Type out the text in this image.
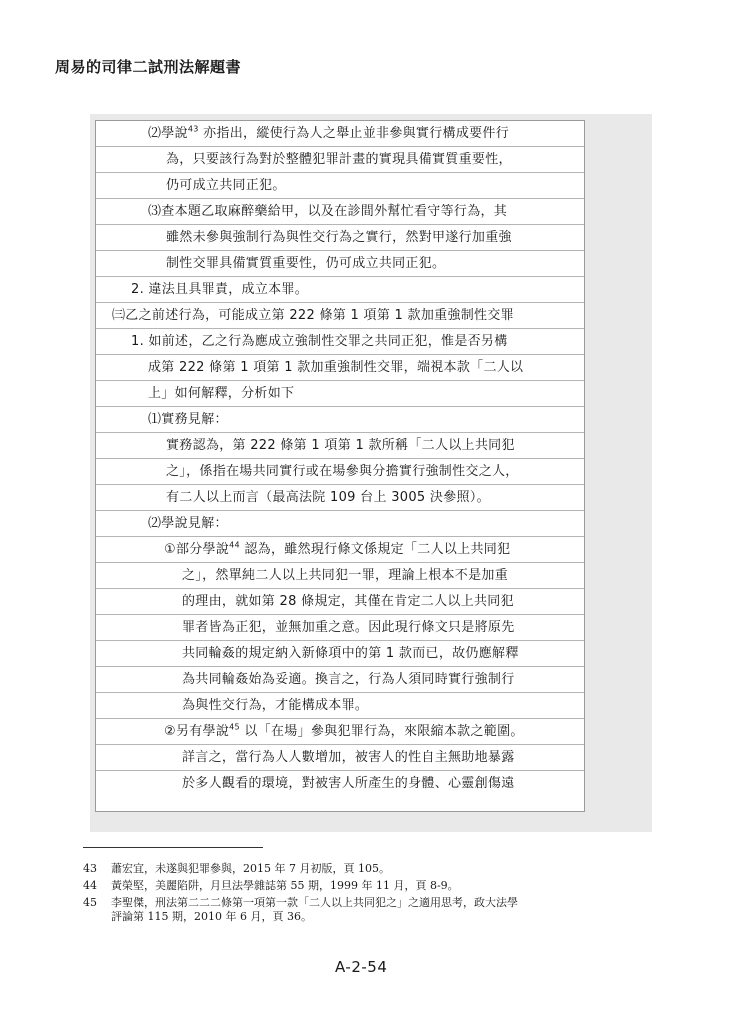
周易的司律二試刑法解題書
⑵學說$^{43}$ 亦指出，縱使行為人之舉止並非參與實行構成要件行
為，只要該行為對於整體犯罪計畫的實現具備實質重要性，
仍可成立共同正犯。
⑶查本題乙取麻醉藥給甲，以及在診間外幫忙看守等行為，其
雖然未參與強制行為與性交行為之實行，然對甲遂行加重強
制性交罪具備實質重要性，仍可成立共同正犯。
2. 違法且具罪責，成立本罪。
㈢乙之前述行為，可能成立第 222 條第 1 項第 1 款加重強制性交罪
1. 如前述，乙之行為應成立強制性交罪之共同正犯，惟是否另構
成第 222 條第 1 項第 1 款加重強制性交罪，端視本款「二人以
上」如何解釋，分析如下
⑴實務見解：
實務認為，第 222 條第 1 項第 1 款所稱「二人以上共同犯
之」，係指在場共同實行或在場參與分擔實行強制性交之人，
有二人以上而言（最高法院 109 台上 3005 決參照）。
⑵學說見解：
①部分學說$^{44}$ 認為，雖然現行條文係規定「二人以上共同犯
之」，然單純二人以上共同犯一罪，理論上根本不是加重
的理由，就如第 28 條規定，其僅在肯定二人以上共同犯
罪者皆為正犯，並無加重之意。因此現行條文只是將原先
共同輪姦的規定納入新條項中的第 1 款而已，故仍應解釋
為共同輪姦始為妥適。換言之，行為人須同時實行強制行
為與性交行為，才能構成本罪。
②另有學說$^{45}$ 以「在場」參與犯罪行為，來限縮本款之範圍。
詳言之，當行為人人數增加，被害人的性自主無助地暴露
於多人觀看的環境，對被害人所產生的身體、心靈創傷遠
43 蕭宏宜，未遂與犯罪參與，2015 年 7 月初版，頁 105。
44 黃榮堅，美麗陷阱，月旦法學雜誌第 55 期，1999 年 11 月，頁 8-9。
45 李聖傑，刑法第二二二條第一項第一款「二人以上共同犯之」之適用思考，政大法學
評論第 115 期，2010 年 6 月，頁 36。
A-2-54
